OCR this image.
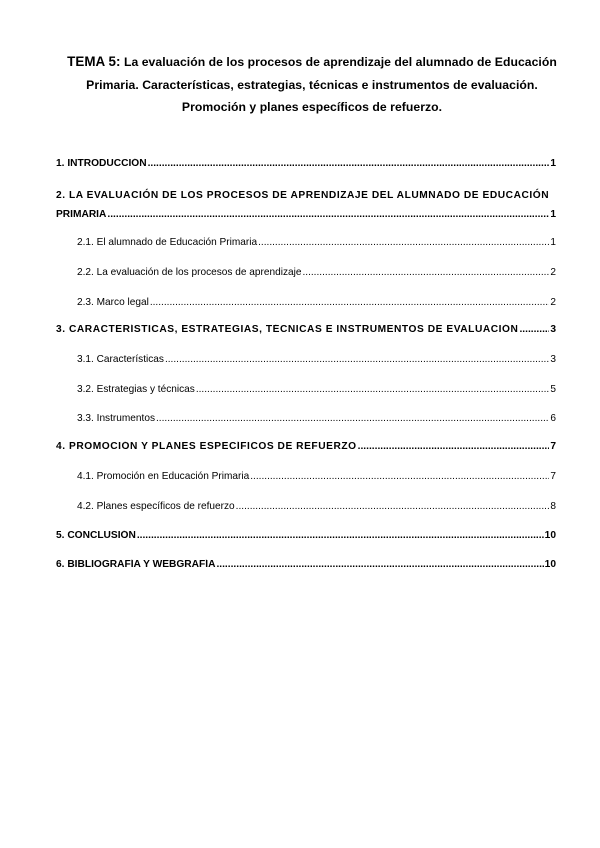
TEMA 5: La evaluación de los procesos de aprendizaje del alumnado de Educación
Primaria. Características, estrategias, técnicas e instrumentos de evaluación.
Promoción y planes específicos de refuerzo.
1. INTRODUCCIÓN .....	1
2. LA EVALUACIÓN DE LOS PROCESOS DE APRENDIZAJE DEL ALUMNADO DE EDUCACIÓN
PRIMARIA .....	1
2.1. El alumnado de Educación Primaria .....	1
2.2. La evaluación de los procesos de aprendizaje .....	2
2.3. Marco legal .....	2
3. CARACTERÍSTICAS, ESTRATEGIAS, TÉCNICAS E INSTRUMENTOS DE EVALUACIÓN .....	3
3.1. Características .....	3
3.2. Estrategias y técnicas .....	5
3.3. Instrumentos .....	6
4. PROMOCIÓN Y PLANES ESPECÍFICOS DE REFUERZO .....	7
4.1. Promoción en Educación Primaria .....	7
4.2. Planes específicos de refuerzo .....	8
5. CONCLUSIÓN .....	10
6. BIBLIOGRAFÍA Y WEBGRAFÍA .....	10
